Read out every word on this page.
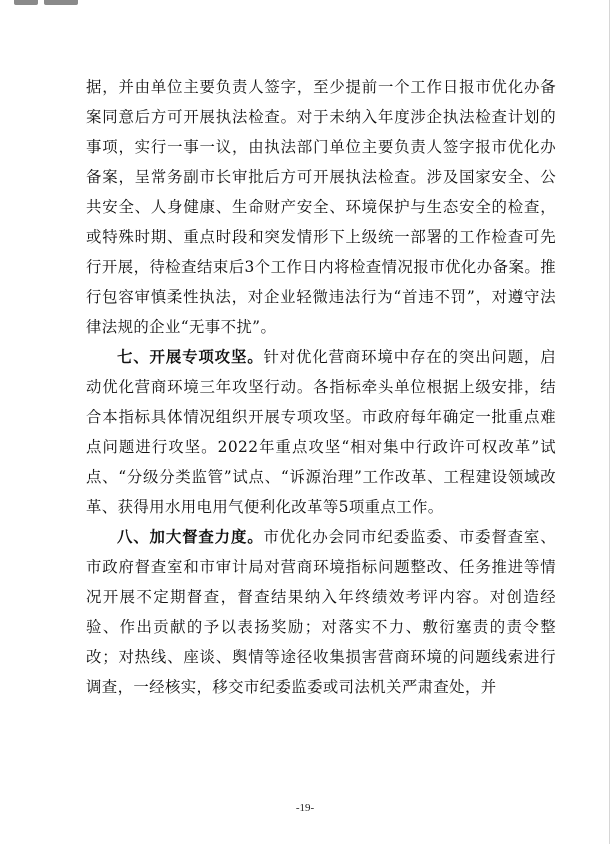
据，并由单位主要负责人签字，至少提前一个工作日报市优化办备案同意后方可开展执法检查。对于未纳入年度涉企执法检查计划的事项，实行一事一议，由执法部门单位主要负责人签字报市优化办备案，呈常务副市长审批后方可开展执法检查。涉及国家安全、公共安全、人身健康、生命财产安全、环境保护与生态安全的检查，或特殊时期、重点时段和突发情形下上级统一部署的工作检查可先行开展，待检查结束后3个工作日内将检查情况报市优化办备案。推行包容审慎柔性执法，对企业轻微违法行为“首违不罚”，对遵守法律法规的企业“无事不扰”。

七、开展专项攻坚。针对优化营商环境中存在的突出问题，启动优化营商环境三年攻坚行动。各指标牵头单位根据上级安排，结合本指标具体情况组织开展专项攻坚。市政府每年确定一批重点难点问题进行攻坚。2022年重点攻坚“相对集中行政许可权改革”试点、“分级分类监管”试点、“诉源治理”工作改革、工程建设领域改革、获得用水用电用气便利化改革等5项重点工作。

八、加大督查力度。市优化办会同市纪委监委、市委督查室、市政府督查室和市审计局对营商环境指标问题整改、任务推进等情况开展不定期督查，督查结果纳入年终绩效考评内容。对创造经验、作出贡献的予以表扬奖励；对落实不力、敷衍塞责的责令整改；对热线、座谈、舆情等途径收集损害营商环境的问题线索进行调查，一经核实，移交市纪委监委或司法机关严肃查处，并

-19-
